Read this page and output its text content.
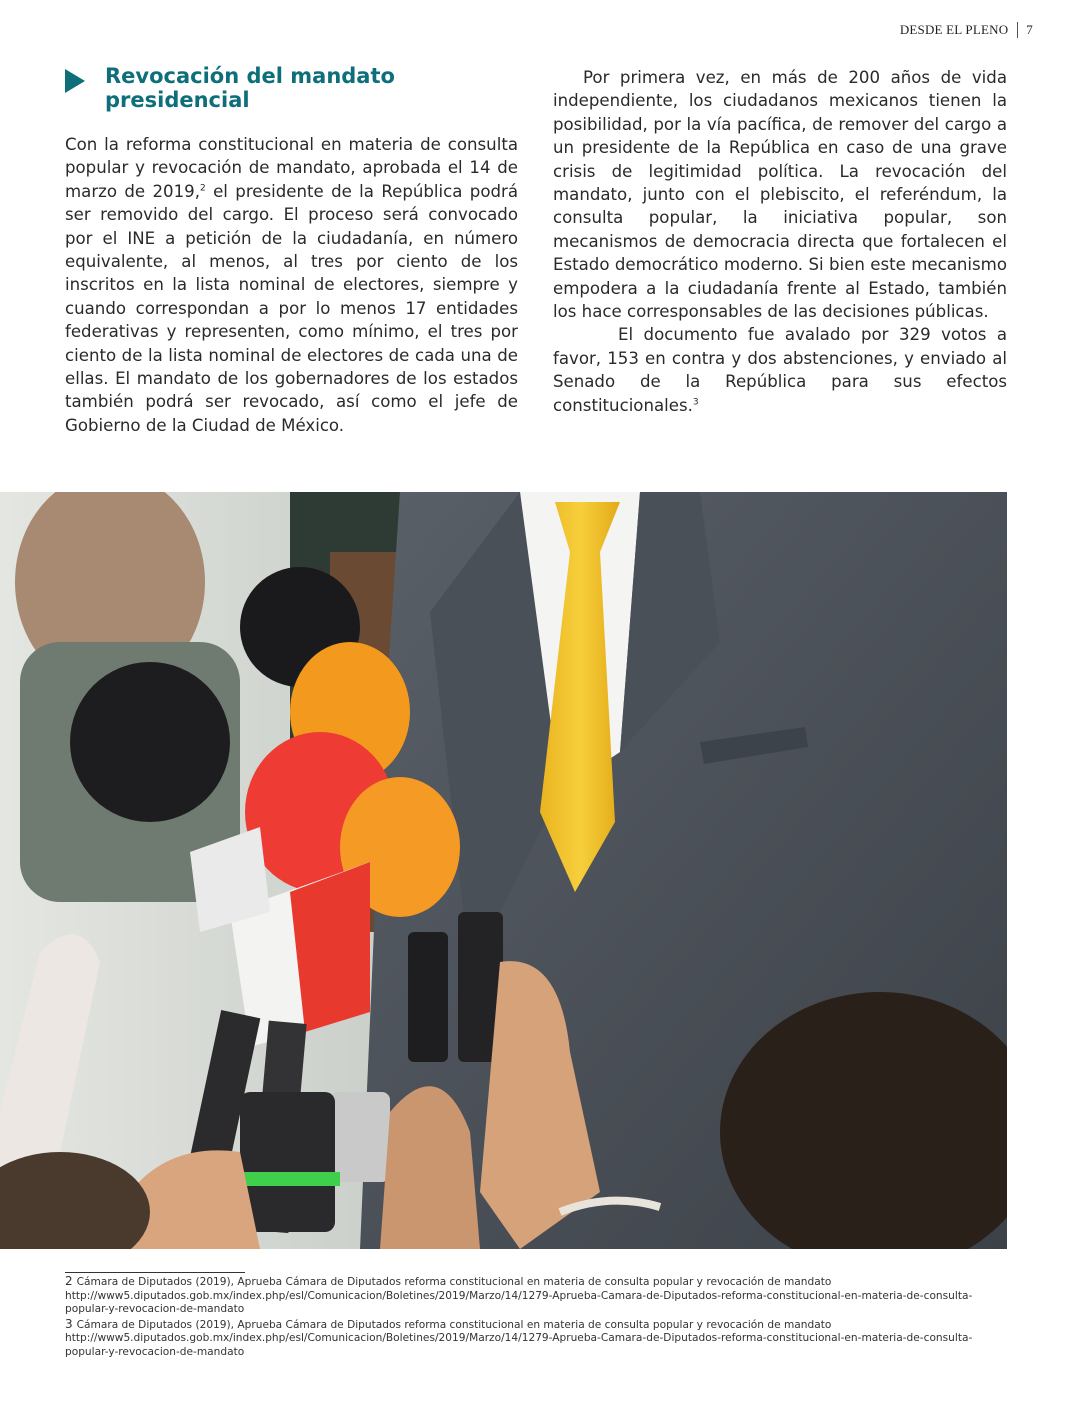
DESDE EL PLENO 7
Revocación del mandato
presidencial

Con la reforma constitucional en materia de consulta popular y revocación de mandato, aprobada el 14 de marzo de 2019,$^2$ el presidente de la República podrá ser removido del cargo. El proceso será convocado por el INE a petición de la ciudadanía, en número equivalente, al menos, al tres por ciento de los inscritos en la lista nominal de electores, siempre y cuando correspondan a por lo menos 17 entidades federativas y representen, como mínimo, el tres por ciento de la lista nominal de electores de cada una de ellas. El mandato de los gobernadores de los estados también podrá ser revocado, así como el jefe de Gobierno de la Ciudad de México.

Por primera vez, en más de 200 años de vida independiente, los ciudadanos mexicanos tienen la posibilidad, por la vía pacífica, de remover del cargo a un presidente de la República en caso de una grave crisis de legitimidad política. La revocación del mandato, junto con el plebiscito, el referéndum, la consulta popular, la iniciativa popular, son mecanismos de democracia directa que fortalecen el Estado democrático moderno. Si bien este mecanismo empodera a la ciudadanía frente al Estado, también los hace corresponsables de las decisiones públicas.

El documento fue avalado por 329 votos a favor, 153 en contra y dos abstenciones, y enviado al Senado de la República para sus efectos constitucionales.$^3$

2 Cámara de Diputados (2019), Aprueba Cámara de Diputados reforma constitucional en materia de consulta popular y revocación de mandato http://www5.diputados.gob.mx/index.php/esl/Comunicacion/Boletines/2019/Marzo/14/1279-Aprueba-Camara-de-Diputados-reforma-constitucional-en-materia-de-consulta-popular-y-revocacion-de-mandato

3 Cámara de Diputados (2019), Aprueba Cámara de Diputados reforma constitucional en materia de consulta popular y revocación de mandato http://www5.diputados.gob.mx/index.php/esl/Comunicacion/Boletines/2019/Marzo/14/1279-Aprueba-Camara-de-Diputados-reforma-constitucional-en-materia-de-consulta-popular-y-revocacion-de-mandato
